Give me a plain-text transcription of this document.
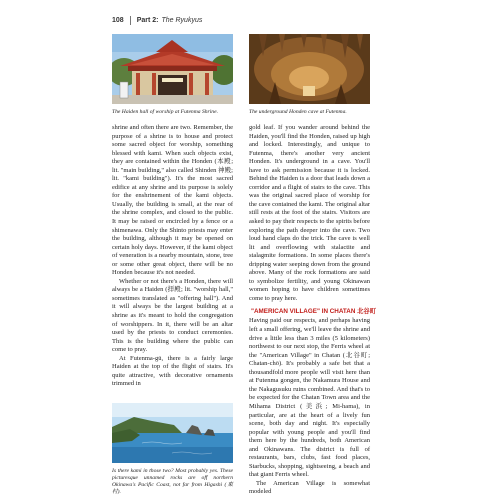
108 Part 2: The Ryukyus
The Haiden hall of worship at Futenma Shrine.

shrine and often there are two. Remember, the purpose of a shrine is to house and protect some sacred object for worship, something blessed with kami. When such objects exist, they are contained within the Honden (本殿; lit. "main building," also called Shinden 神殿; lit. "kami building"). It's the most sacred edifice at any shrine and its purpose is solely for the enshrinement of the kami objects. Usually, the building is small, at the rear of the shrine complex, and closed to the public. It may be raised or encircled by a fence or a shimenawa. Only the Shinto priests may enter the building, although it may be opened on certain holy days. However, if the kami object of veneration is a nearby mountain, stone, tree or some other great object, there will be no Honden because it's not needed.

Whether or not there's a Honden, there will always be a Haiden (拝殿; lit. "worship hall," sometimes translated as "offering hall"). And it will always be the largest building at a shrine as it's meant to hold the congregation of worshippers. In it, there will be an altar used by the priests to conduct ceremonies. This is the building where the public can come to pray.

At Futenma-gū, there is a fairly large Haiden at the top of the flight of stairs. It's quite attractive, with decorative ornaments trimmed in

Is there kami in those two? Most probably yes. These picturesque unnamed rocks are off northern Okinawa's Pacific Coast, not far from Higashi (東村).
The underground Honden cave at Futenma.

gold leaf. If you wander around behind the Haiden, you'll find the Honden, raised up high and locked. Interestingly, and unique to Futenma, there's another very ancient Honden. It's underground in a cave. You'll have to ask permission because it is locked. Behind the Haiden is a door that leads down a corridor and a flight of stairs to the cave. This was the original sacred place of worship for the cave contained the kami. The original altar still rests at the foot of the stairs. Visitors are asked to pay their respects to the spirits before exploring the path deeper into the cave. Two loud hand claps do the trick. The cave is well lit and overflowing with stalactite and stalagmite formations. In some places there's dripping water seeping down from the ground above. Many of the rock formations are said to symbolize fertility, and young Okinawan women hoping to have children sometimes come to pray here.

"AMERICAN VILLAGE" IN CHATAN 北谷町

Having paid our respects, and perhaps having left a small offering, we'll leave the shrine and drive a little less than 3 miles (5 kilometers) northwest to our next stop, the Ferris wheel at the "American Village" in Chatan (北谷町; Chatan-chō). It's probably a safe bet that a thousandfold more people will visit here than at Futenma gongen, the Nakamura House and the Nakagusuku ruins combined. And that's to be expected for the Chatan Town area and the Mihama District (美浜; Mi-hama), in particular, are at the heart of a lively fun scene, both day and night. It's especially popular with young people and you'll find them here by the hundreds, both American and Okinawans. The district is full of restaurants, bars, clubs, fast food places, Starbucks, shopping, sightseeing, a beach and that giant Ferris wheel.

The American Village is somewhat modeled
